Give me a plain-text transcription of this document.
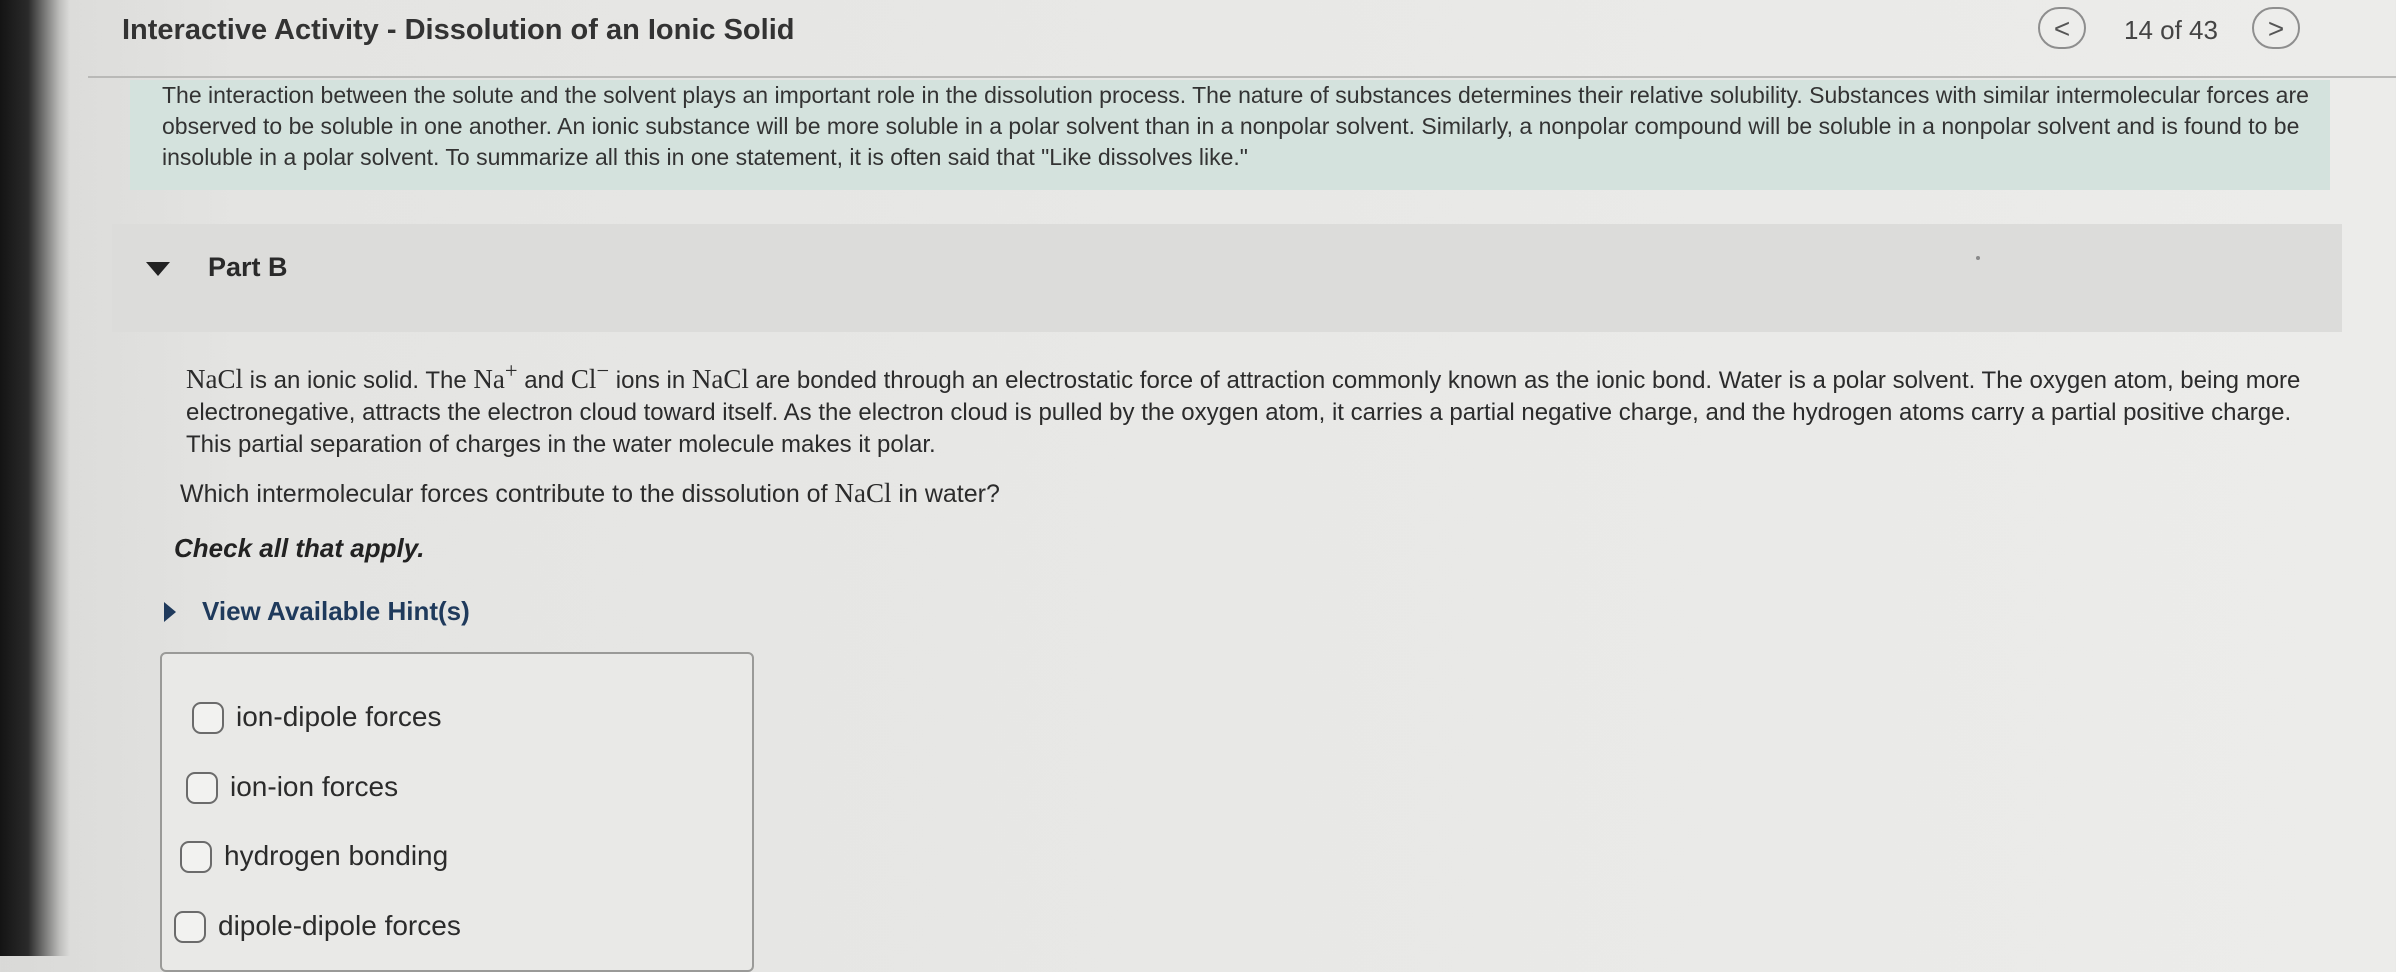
Interactive Activity - Dissolution of an Ionic Solid	<	14 of 43	>
The interaction between the solute and the solvent plays an important role in the dissolution process. The nature of substances determines their relative solubility. Substances with similar intermolecular forces are observed to be soluble in one another. An ionic substance will be more soluble in a polar solvent than in a nonpolar solvent. Similarly, a nonpolar compound will be soluble in a nonpolar solvent and is found to be insoluble in a polar solvent. To summarize all this in one statement, it is often said that "Like dissolves like."
Part B
NaCl is an ionic solid. The Na+ and Cl− ions in NaCl are bonded through an electrostatic force of attraction commonly known as the ionic bond. Water is a polar solvent. The oxygen atom, being more electronegative, attracts the electron cloud toward itself. As the electron cloud is pulled by the oxygen atom, it carries a partial negative charge, and the hydrogen atoms carry a partial positive charge. This partial separation of charges in the water molecule makes it polar.
Which intermolecular forces contribute to the dissolution of NaCl in water?
Check all that apply.
View Available Hint(s)
ion-dipole forces
ion-ion forces
hydrogen bonding
dipole-dipole forces
